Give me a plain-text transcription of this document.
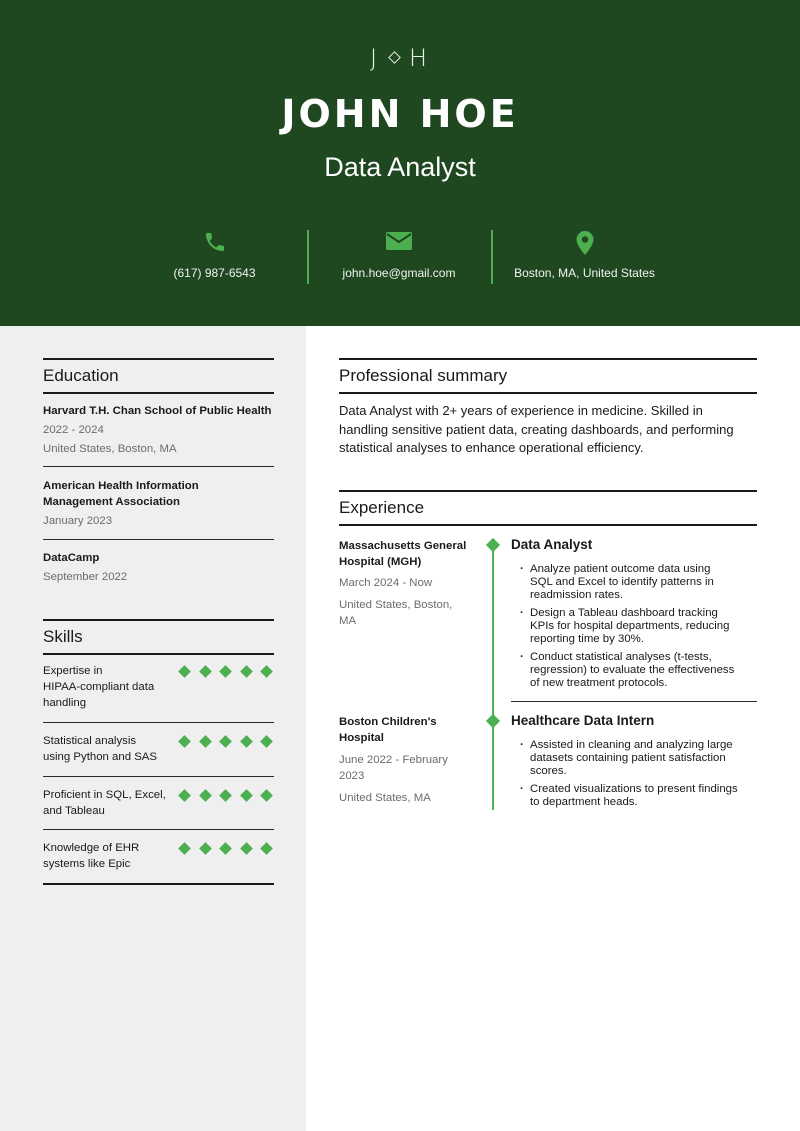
J H
JOHN HOE
Data Analyst
(617) 987-6543	john.hoe@gmail.com	Boston, MA, United States
Education
Harvard T.H. Chan School of Public Health
2022 - 2024
United States, Boston, MA
American Health Information
Management Association
January 2023
DataCamp
September 2022
Skills
Expertise in
HIPAA-compliant data
handling
Statistical analysis
using Python and SAS
Proficient in SQL, Excel,
and Tableau
Knowledge of EHR
systems like Epic
Professional summary
Data Analyst with 2+ years of experience in medicine. Skilled in
handling sensitive patient data, creating dashboards, and performing
statistical analyses to enhance operational efficiency.
Experience
Massachusetts General
Hospital (MGH)
March 2024 - Now
United States, Boston,
MA
Data Analyst
· Analyze patient outcome data using
SQL and Excel to identify patterns in
readmission rates.
· Design a Tableau dashboard tracking
KPIs for hospital departments, reducing
reporting time by 30%.
· Conduct statistical analyses (t-tests,
regression) to evaluate the effectiveness
of new treatment protocols.
Boston Children's
Hospital
June 2022 - February
2023
United States, MA
Healthcare Data Intern
· Assisted in cleaning and analyzing large
datasets containing patient satisfaction
scores.
· Created visualizations to present findings
to department heads.
